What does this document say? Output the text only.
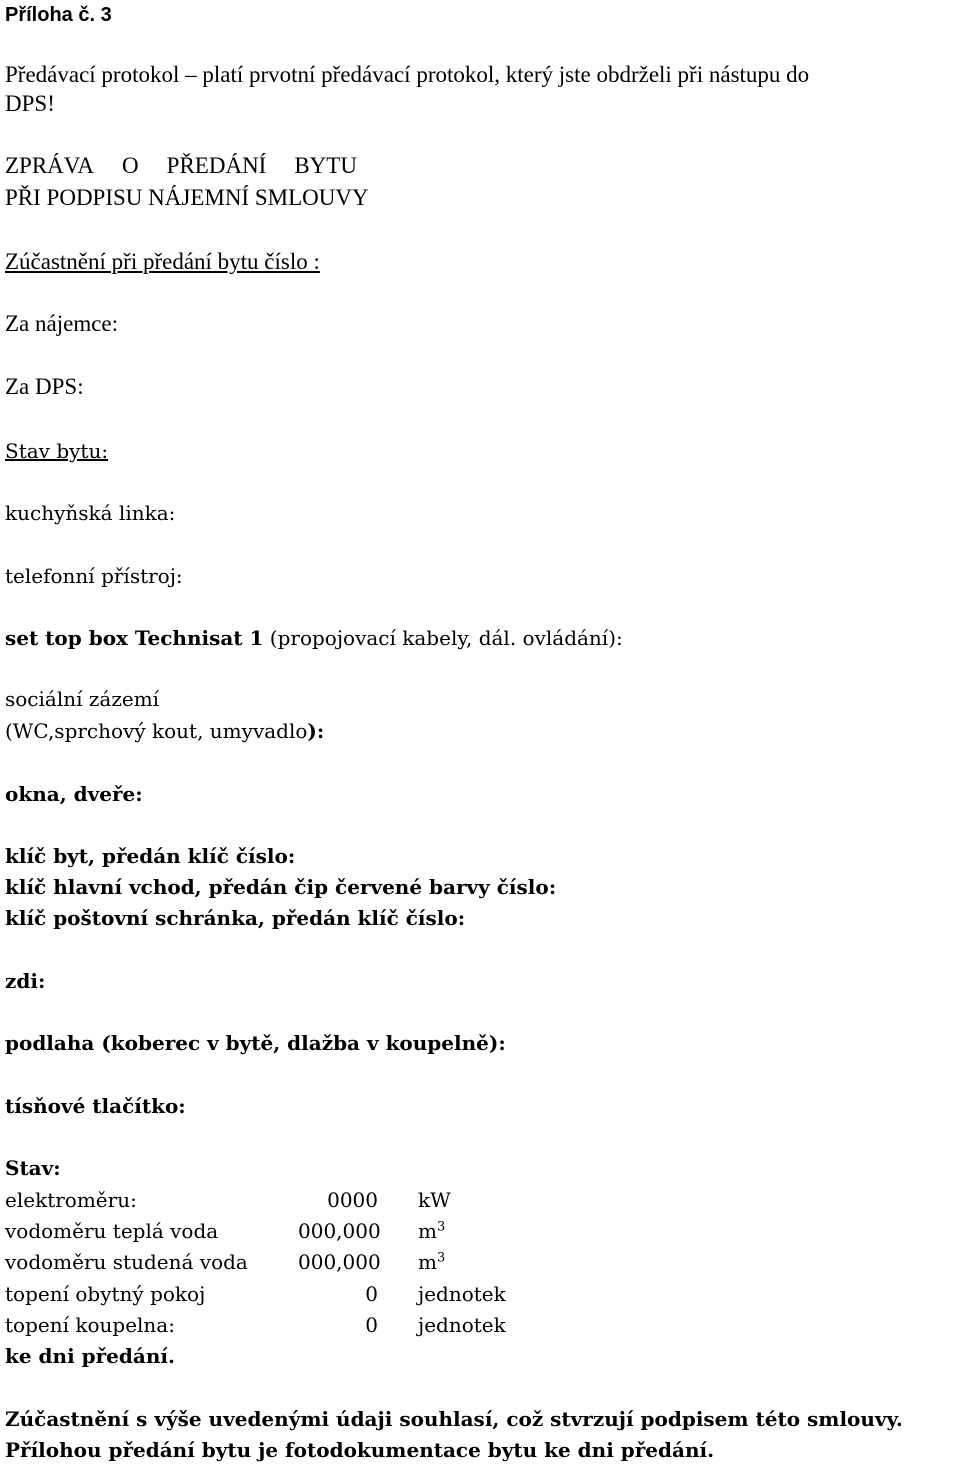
Příloha č. 3
Předávací protokol – platí prvotní předávací protokol, který jste obdrželi při nástupu do
DPS!
ZPRÁVA O PŘEDÁNÍ BYTU
PŘI PODPISU NÁJEMNÍ SMLOUVY
Zúčastnění při předání bytu číslo :
Za nájemce:
Za DPS:
Stav bytu:
kuchyňská linka:
telefonní přístroj:
set top box Technisat 1 (propojovací kabely, dál. ovládání):
sociální zázemí
(WC,sprchový kout, umyvadlo):
okna, dveře:
klíč byt, předán klíč číslo:
klíč hlavní vchod, předán čip červené barvy číslo:
klíč poštovní schránka, předán klíč číslo:
zdi:
podlaha (koberec v bytě, dlažba v koupelně):
tísňové tlačítko:
Stav:
elektroměru:	0000 kW
vodoměru teplá voda	000,000 $m^3$
vodoměru studená voda	000,000 $m^3$
topení obytný pokoj	0 jednotek
topení koupelna:	0 jednotek
ke dni předání.
Zúčastnění s výše uvedenými údaji souhlasí, což stvrzují podpisem této smlouvy.
Přílohou předání bytu je fotodokumentace bytu ke dni předání.
